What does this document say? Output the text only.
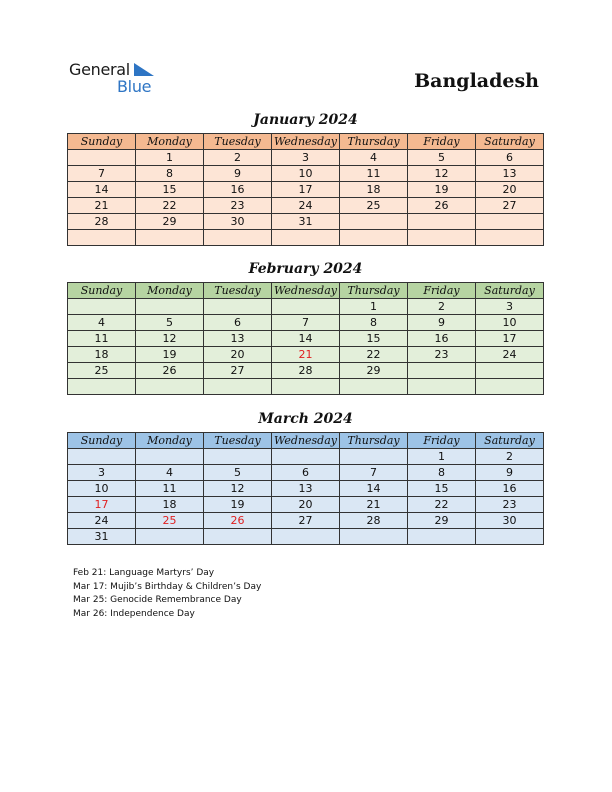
General
Blue	Bangladesh
January 2024
Sunday	Monday	Tuesday	Wednesday	Thursday	Friday	Saturday
	1	2	3	4	5	6
7	8	9	10	11	12	13
14	15	16	17	18	19	20
21	22	23	24	25	26	27
28	29	30	31			

February 2024
Sunday	Monday	Tuesday	Wednesday	Thursday	Friday	Saturday
				1	2	3
4	5	6	7	8	9	10
11	12	13	14	15	16	17
18	19	20	21	22	23	24
25	26	27	28	29		

March 2024
Sunday	Monday	Tuesday	Wednesday	Thursday	Friday	Saturday
					1	2
3	4	5	6	7	8	9
10	11	12	13	14	15	16
17	18	19	20	21	22	23
24	25	26	27	28	29	30
31						
Feb 21: Language Martyrs’ Day
Mar 17: Mujib’s Birthday & Children’s Day
Mar 25: Genocide Remembrance Day
Mar 26: Independence Day
